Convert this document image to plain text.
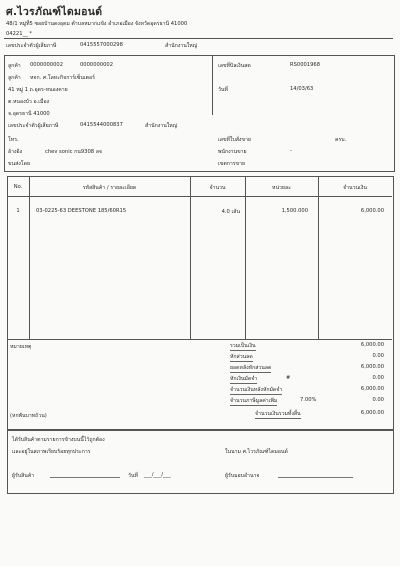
ศ.ไวรภัณฑ์ไดมอนด์
48/1 หมู่ที่5 ซอยบ้านดงอุดม ตำบลหมากแข้ง อำเภอเมือง จังหวัดอุดรธานี 41000
04221__ *
เลขประจำตัวผู้เสียภาษี	0415557000298	สำนักงานใหญ่
ลูกค้า 0000000002	0000000002
ลูกค้า หจก. ศ.โลหะกิจการ์เซ็นเตอร์
41 หมู่ 1 ถ.อุดร-หนองคาย
ต.หนองบัว อ.เมือง
จ.อุดรธานี 41000
เลขประจำตัวผู้เสียภาษี	0415544000837	สำนักงานใหญ่
โทร.
อ้างอิง	chev sonic กน9308 ลจ
ขนส่งโดย
เลขที่บิลเงินสด	RS0001968
วันที่	14/03/63
เลขที่ใบสั่งขาย	ครบ.
พนักงานขาย	-
เขตการขาย
No.	รหัสสินค้า / รายละเอียด	จำนวน	หน่วยละ	จำนวนเงิน
1	03-0225-63 DEESTONE 185/60R15	4.0 เส้น	1,500.000	6,000.00
หมายเหตุ
(หกพันบาทถ้วน)
รวมเป็นเงิน	6,000.00
หักส่วนลด	0.00
ยอดหลังหักส่วนลด	6,000.00
หักเงินมัดจำ	#	0.00
จำนวนเงินหลังหักมัดจำ	6,000.00
จำนวนภาษีมูลค่าเพิ่ม	7.00%	0.00
จำนวนเงินรวมทั้งสิ้น	6,000.00
ได้รับสินค้าตามรายการข้างบนนี้ไว้ถูกต้อง
และอยู่ในสภาพเรียบร้อยทุกประการ	ในนาม ศ.ไวรภัณฑ์ไดมอนด์
ผู้รับสินค้า	วันที่ ___/___/___	ผู้รับมอบอำนาจ
